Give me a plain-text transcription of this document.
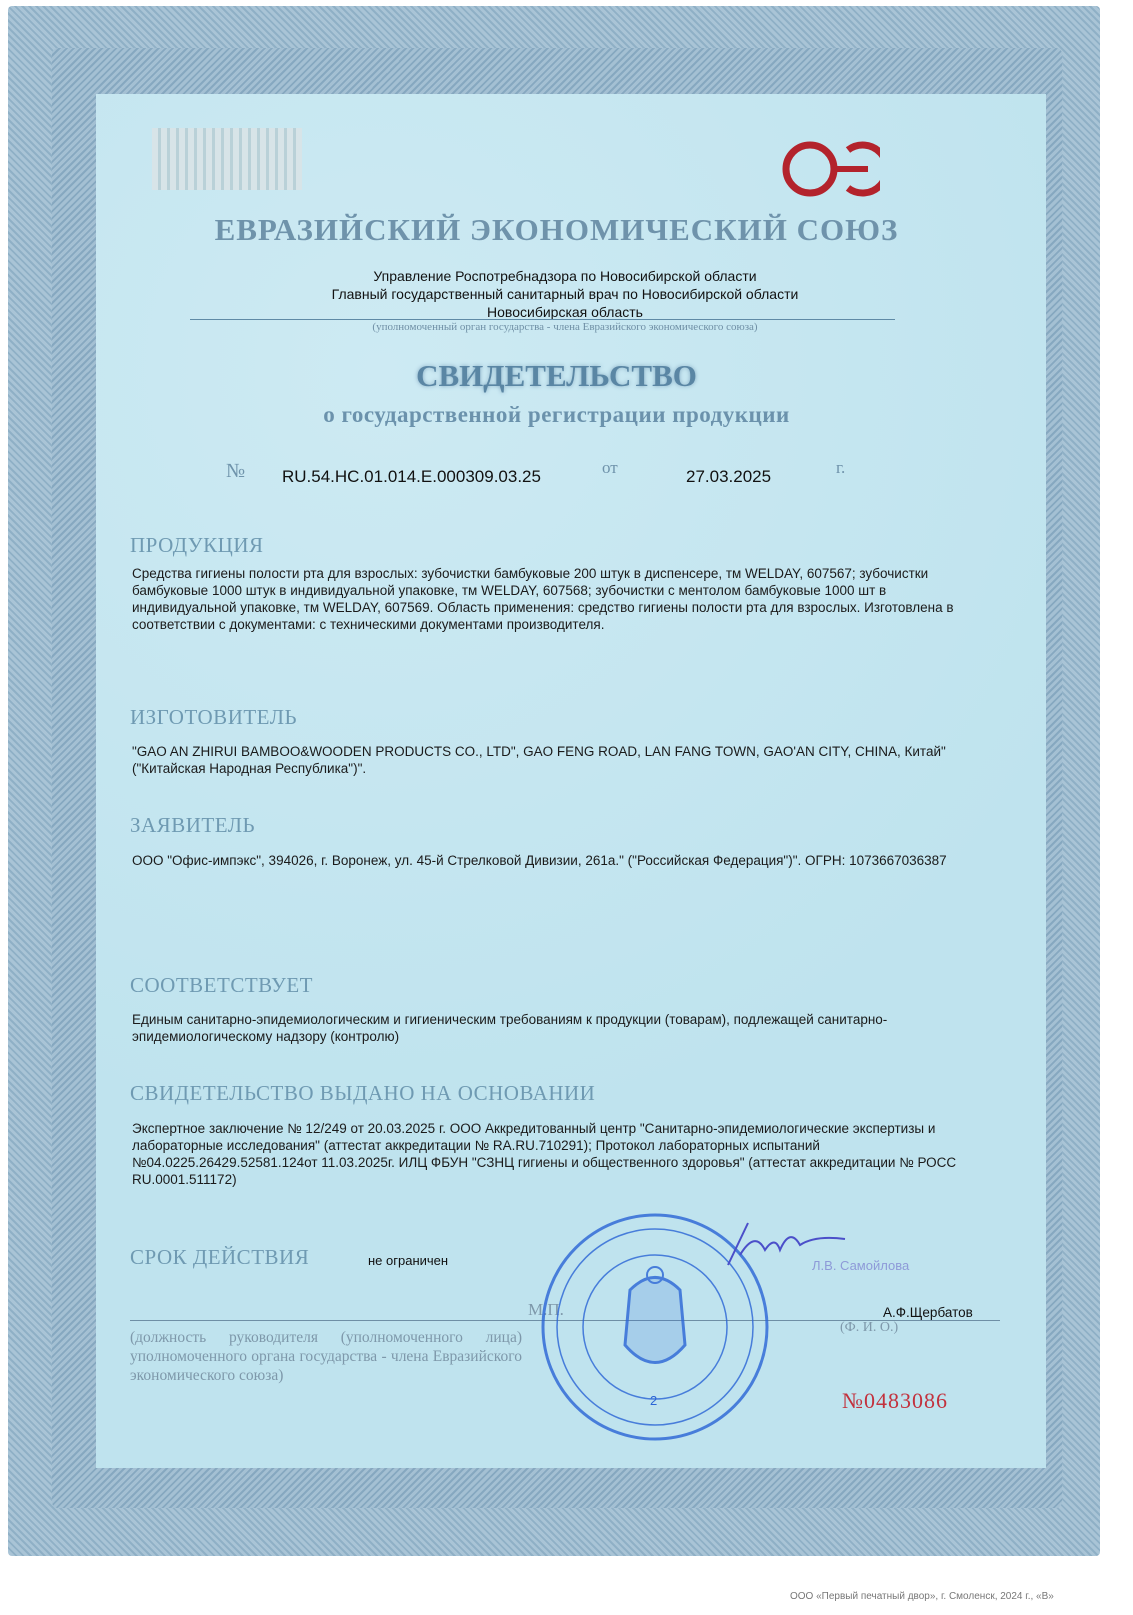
ЕВРАЗИЙСКИЙ ЭКОНОМИЧЕСКИЙ СОЮЗ
Управление Роспотребнадзора по Новосибирской области
Главный государственный санитарный врач по Новосибирской области
Новосибирская область
(уполномоченный орган государства - члена Евразийского экономического союза)
СВИДЕТЕЛЬСТВО
о государственной регистрации продукции
№ RU.54.HC.01.014.E.000309.03.25	от	27.03.2025	г.
ПРОДУКЦИЯ
Средства гигиены полости рта для взрослых: зубочистки бамбуковые 200 штук в диспенсере, тм WELDAY, 607567; зубочистки бамбуковые 1000 штук в индивидуальной упаковке, тм WELDAY, 607568; зубочистки с ментолом бамбуковые 1000 шт в индивидуальной упаковке, тм WELDAY, 607569. Область применения: средство гигиены полости рта для взрослых. Изготовлена в соответствии с документами: с техническими документами производителя.
ИЗГОТОВИТЕЛЬ
"GAO AN ZHIRUI BAMBOO&WOODEN PRODUCTS CO., LTD", GAO FENG ROAD, LAN FANG TOWN, GAO'AN CITY, CHINA, Китай" ("Китайская Народная Республика")".
ЗАЯВИТЕЛЬ
ООО "Офис-импэкс", 394026, г. Воронеж, ул. 45-й Стрелковой Дивизии, 261а." ("Российская Федерация")". ОГРН: 1073667036387
СООТВЕТСТВУЕТ
Единым санитарно-эпидемиологическим и гигиеническим требованиям к продукции (товарам), подлежащей санитарно-эпидемиологическому надзору (контролю)
СВИДЕТЕЛЬСТВО ВЫДАНО НА ОСНОВАНИИ
Экспертное заключение № 12/249 от 20.03.2025 г. ООО Аккредитованный центр "Санитарно-эпидемиологические экспертизы и лабораторные исследования" (аттестат аккредитации № RA.RU.710291); Протокол лабораторных испытаний №04.0225.26429.52581.124от 11.03.2025г. ИЛЦ ФБУН "СЗНЦ гигиены и общественного здоровья" (аттестат аккредитации № РОСС RU.0001.511172)
СРОК ДЕЙСТВИЯ	не ограничен
М.П.	А.Ф.Щербатов
(Ф. И. О.)
(должность руководителя (уполномоченного лица) уполномоченного органа государства - члена Евразийского экономического союза)
2
Л.В. Самойлова
№0483086
ООО «Первый печатный двор», г. Смоленск, 2024 г., «В»
